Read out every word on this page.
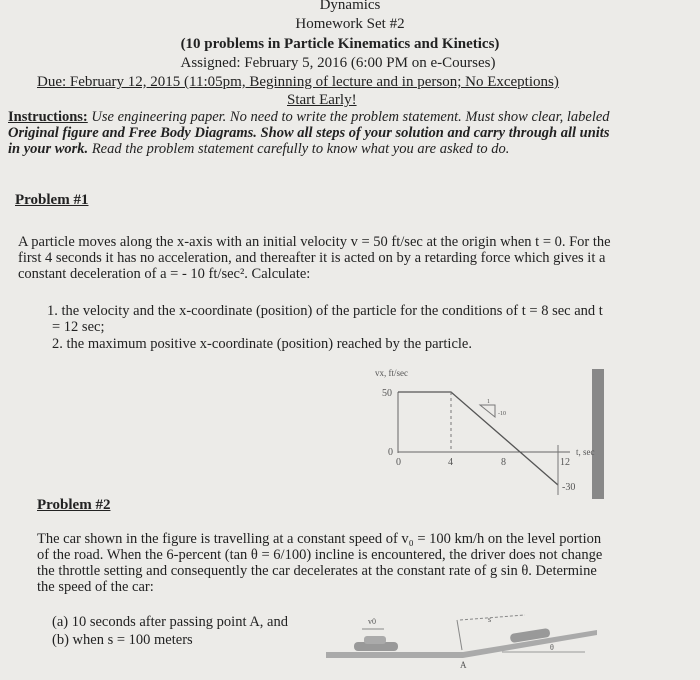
Dynamics
Homework Set #2
(10 problems in Particle Kinematics and Kinetics)
Assigned: February 5, 2016 (6:00 PM on e-Courses)
Due: February 12, 2015 (11:05pm, Beginning of lecture and in person; No Exceptions)
Start Early!
Instructions: Use engineering paper. No need to write the problem statement. Must show clear, labeled Original figure and Free Body Diagrams. Show all steps of your solution and carry through all units in your work. Read the problem statement carefully to know what you are asked to do.
Problem #1
A particle moves along the x-axis with an initial velocity v = 50 ft/sec at the origin when t = 0. For the first 4 seconds it has no acceleration, and thereafter it is acted on by a retarding force which gives it a constant deceleration of a = - 10 ft/sec². Calculate:
1. the velocity and the x-coordinate (position) of the particle for the conditions of t = 8 sec and t = 12 sec;
2. the maximum positive x-coordinate (position) reached by the particle.
vx, ft/sec
50
0
0	4	8	12
t, sec
-30
1
-10
Problem #2
The car shown in the figure is travelling at a constant speed of v₀ = 100 km/h on the level portion of the road. When the 6-percent (tan θ = 6/100) incline is encountered, the driver does not change the throttle setting and consequently the car decelerates at the constant rate of g sin θ. Determine the speed of the car:
(a) 10 seconds after passing point A, and
(b) when s = 100 meters
v0	s
A
θ
